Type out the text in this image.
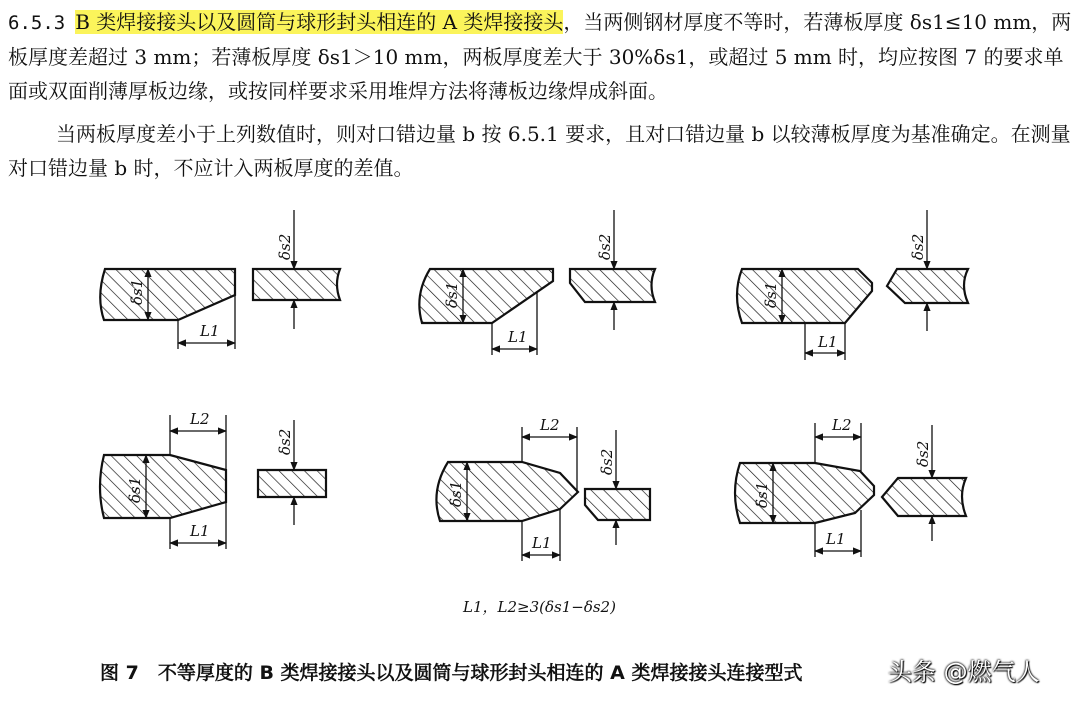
6.5.3 B 类焊接接头以及圆筒与球形封头相连的 A 类焊接接头，当两侧钢材厚度不等时，若薄板厚度 δs1≤10 mm，两板厚度差超过 3 mm；若薄板厚度 δs1＞10 mm，两板厚度差大于 30%δs1，或超过 5 mm 时，均应按图 7 的要求单面或双面削薄厚板边缘，或按同样要求采用堆焊方法将薄板边缘焊成斜面。

当两板厚度差小于上列数值时，则对口错边量 b 按 6.5.1 要求，且对口错边量 b 以较薄板厚度为基准确定。在测量对口错边量 b 时，不应计入两板厚度的差值。

L1
δs1
δs2
L1
δs1
δs2
L1
δs1
δs2
L2
L1
δs1
δs2
L2
L1
δs1
δs2
L2
L1
δs1
δs2
L1，L2≥3(δs1−δs2)
图 7　不等厚度的 B 类焊接接头以及圆筒与球形封头相连的 A 类焊接接头连接型式	头条 @燃气人
